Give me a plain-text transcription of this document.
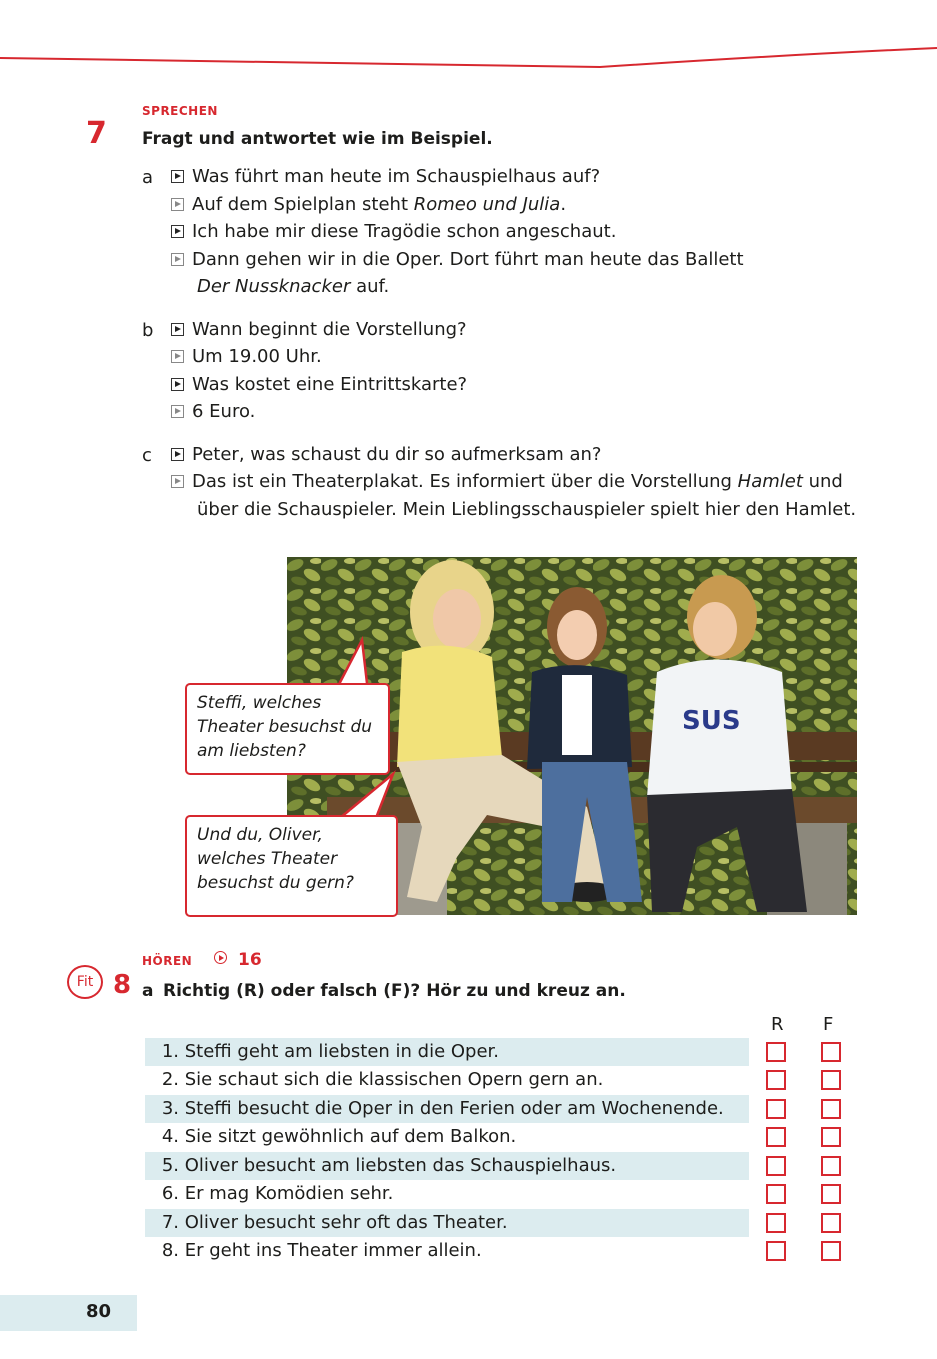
SPRECHEN
7 Fragt und antwortet wie im Beispiel.
a	Was führt man heute im Schauspielhaus auf?
Auf dem Spielplan steht Romeo und Julia.
Ich habe mir diese Tragödie schon angeschaut.
Dann gehen wir in die Oper. Dort führt man heute das Ballett
Der Nussknacker auf.
b	Wann beginnt die Vorstellung?
Um 19.00 Uhr.
Was kostet eine Eintrittskarte?
6 Euro.
c	Peter, was schaust du dir so aufmerksam an?
Das ist ein Theaterplakat. Es informiert über die Vorstellung Hamlet und
über die Schauspieler. Mein Lieblingsschauspieler spielt hier den Hamlet.
SUS
Steffi, welches Theater besuchst du am liebsten?
Und du, Oliver, welches Theater besuchst du gern?
HÖREN	16
Fit 8 a Richtig (R) oder falsch (F)? Hör zu und kreuz an.
R F
1. Steffi geht am liebsten in die Oper.
2. Sie schaut sich die klassischen Opern gern an.
3. Steffi besucht die Oper in den Ferien oder am Wochenende.
4. Sie sitzt gewöhnlich auf dem Balkon.
5. Oliver besucht am liebsten das Schauspielhaus.
6. Er mag Komödien sehr.
7. Oliver besucht sehr oft das Theater.
8. Er geht ins Theater immer allein.
80
